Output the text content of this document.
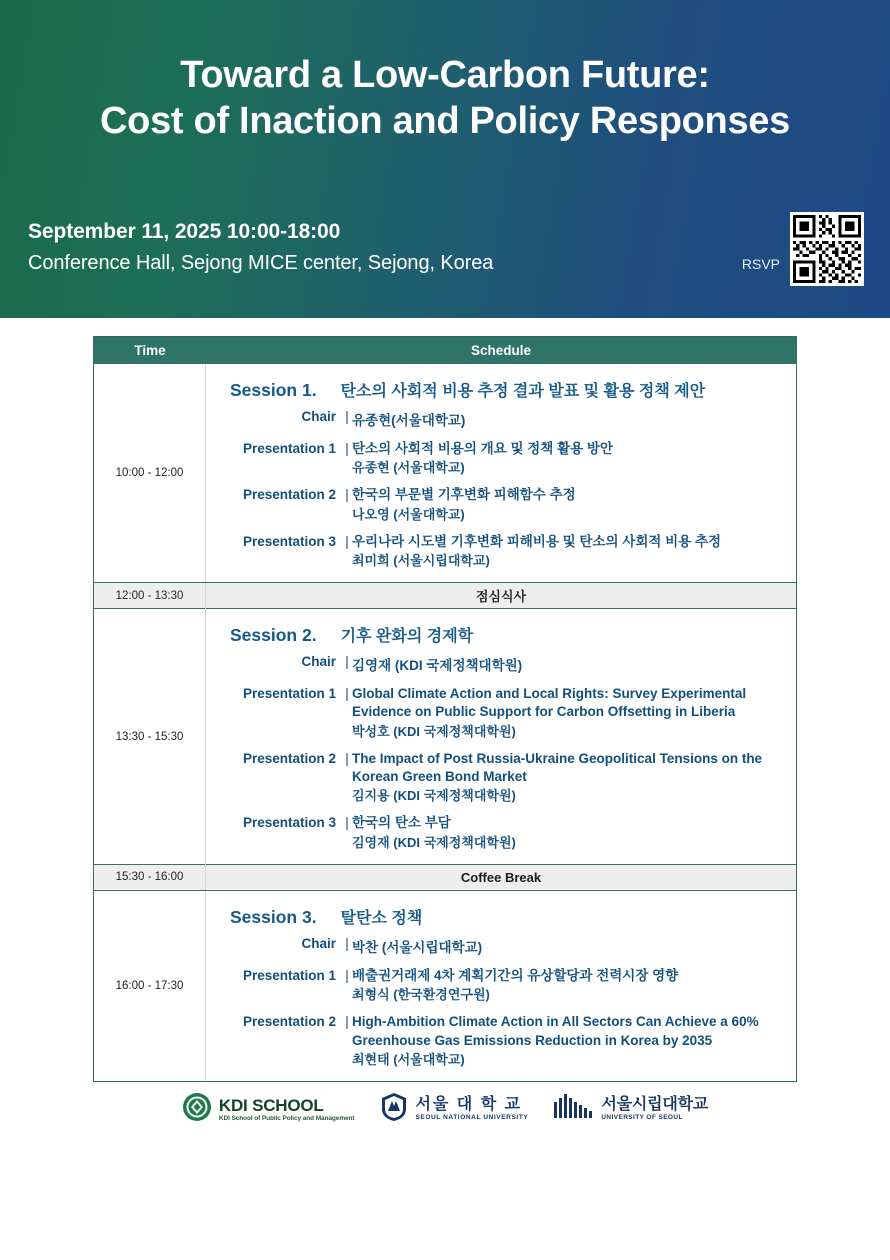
Toward a Low-Carbon Future:
Cost of Inaction and Policy Responses
September 11, 2025 10:00-18:00
Conference Hall, Sejong MICE center, Sejong, Korea	RSVP
Time	Schedule
10:00 - 12:00
Session 1. 탄소의 사회적 비용 추정 결과 발표 및 활용 정책 제안
Chair | 유종현(서울대학교)
Presentation 1 | 탄소의 사회적 비용의 개요 및 정책 활용 방안
유종현 (서울대학교)
Presentation 2 | 한국의 부문별 기후변화 피해함수 추정
나오영 (서울대학교)
Presentation 3 | 우리나라 시도별 기후변화 피해비용 및 탄소의 사회적 비용 추정
최미희 (서울시립대학교)
12:00 - 13:30	점심식사
13:30 - 15:30
Session 2. 기후 완화의 경제학
Chair | 김영재 (KDI 국제정책대학원)
Presentation 1 | Global Climate Action and Local Rights: Survey Experimental Evidence on Public Support for Carbon Offsetting in Liberia
박성호 (KDI 국제정책대학원)
Presentation 2 | The Impact of Post Russia-Ukraine Geopolitical Tensions on the Korean Green Bond Market
김지용 (KDI 국제정책대학원)
Presentation 3 | 한국의 탄소 부담
김영재 (KDI 국제정책대학원)
15:30 - 16:00	Coffee Break
16:00 - 17:30
Session 3. 탈탄소 정책
Chair | 박찬 (서울시립대학교)
Presentation 1 | 배출권거래제 4차 계획기간의 유상할당과 전력시장 영향
최형식 (한국환경연구원)
Presentation 2 | High-Ambition Climate Action in All Sectors Can Achieve a 60% Greenhouse Gas Emissions Reduction in Korea by 2035
최현태 (서울대학교)
KDI SCHOOL
KDI School of Public Policy and Management
서울 대 학 교
SEOUL NATIONAL UNIVERSITY
서울시립대학교
UNIVERSITY OF SEOUL
